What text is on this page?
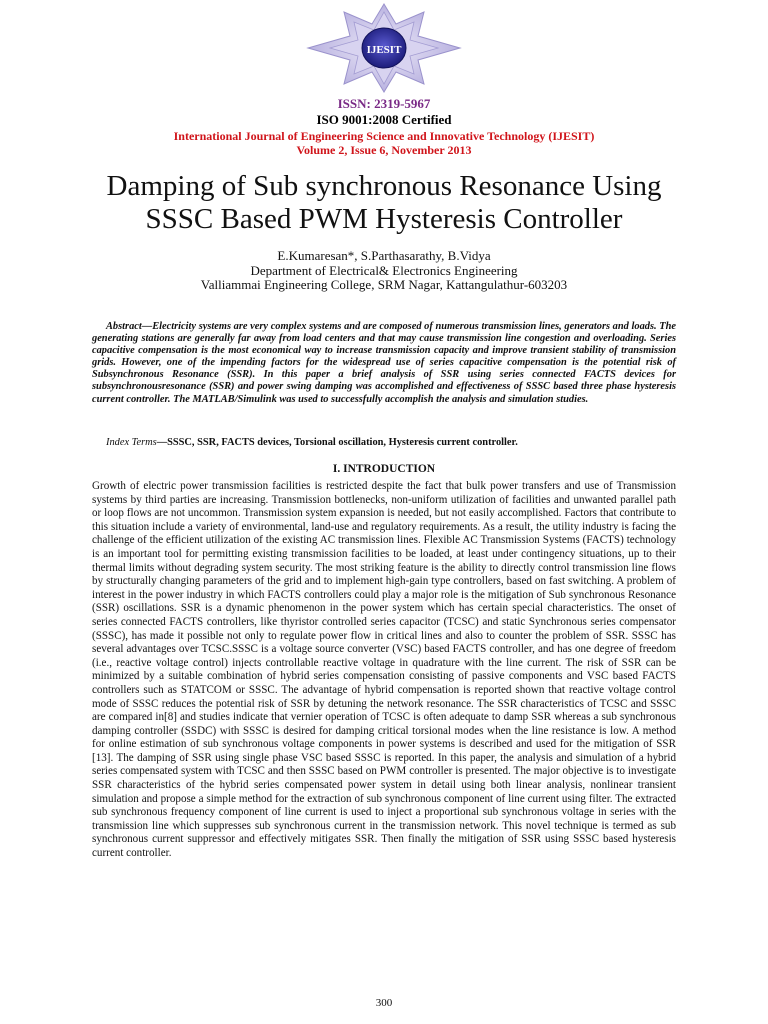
IJESIT
ISSN: 2319-5967
ISO 9001:2008 Certified
International Journal of Engineering Science and Innovative Technology (IJESIT)
Volume 2, Issue 6, November 2013
Damping of Sub synchronous Resonance Using
SSSC Based PWM Hysteresis Controller
E.Kumaresan*, S.Parthasarathy, B.Vidya
Department of Electrical& Electronics Engineering
Valliammai Engineering College, SRM Nagar, Kattangulathur-603203
Abstract—Electricity systems are very complex systems and are composed of numerous transmission lines, generators and loads. The generating stations are generally far away from load centers and that may cause transmission line congestion and overloading. Series capacitive compensation is the most economical way to increase transmission capacity and improve transient stability of transmission grids. However, one of the impending factors for the widespread use of series capacitive compensation is the potential risk of Subsynchronous Resonance (SSR). In this paper a brief analysis of SSR using series connected FACTS devices for subsynchronousresonance (SSR) and power swing damping was accomplished and effectiveness of SSSC based three phase hysteresis current controller. The MATLAB/Simulink was used to successfully accomplish the analysis and simulation studies.
Index Terms—SSSC, SSR, FACTS devices, Torsional oscillation, Hysteresis current controller.
I. INTRODUCTION
Growth of electric power transmission facilities is restricted despite the fact that bulk power transfers and use of Transmission systems by third parties are increasing. Transmission bottlenecks, non-uniform utilization of facilities and unwanted parallel path or loop flows are not uncommon. Transmission system expansion is needed, but not easily accomplished. Factors that contribute to this situation include a variety of environmental, land-use and regulatory requirements. As a result, the utility industry is facing the challenge of the efficient utilization of the existing AC transmission lines. Flexible AC Transmission Systems (FACTS) technology is an important tool for permitting existing transmission facilities to be loaded, at least under contingency situations, up to their thermal limits without degrading system security. The most striking feature is the ability to directly control transmission line flows by structurally changing parameters of the grid and to implement high-gain type controllers, based on fast switching. A problem of interest in the power industry in which FACTS controllers could play a major role is the mitigation of Sub synchronous Resonance (SSR) oscillations. SSR is a dynamic phenomenon in the power system which has certain special characteristics. The onset of series connected FACTS controllers, like thyristor controlled series capacitor (TCSC) and static Synchronous series compensator (SSSC), has made it possible not only to regulate power flow in critical lines and also to counter the problem of SSR. SSSC has several advantages over TCSC.SSSC is a voltage source converter (VSC) based FACTS controller, and has one degree of freedom (i.e., reactive voltage control) injects controllable reactive voltage in quadrature with the line current. The risk of SSR can be minimized by a suitable combination of hybrid series compensation consisting of passive components and VSC based FACTS controllers such as STATCOM or SSSC. The advantage of hybrid compensation is reported shown that reactive voltage control mode of SSSC reduces the potential risk of SSR by detuning the network resonance. The SSR characteristics of TCSC and SSSC are compared in[8] and studies indicate that vernier operation of TCSC is often adequate to damp SSR whereas a sub synchronous damping controller (SSDC) with SSSC is desired for damping critical torsional modes when the line resistance is low. A method for online estimation of sub synchronous voltage components in power systems is described and used for the mitigation of SSR [13]. The damping of SSR using single phase VSC based SSSC is reported. In this paper, the analysis and simulation of a hybrid series compensated system with TCSC and then SSSC based on PWM controller is presented. The major objective is to investigate SSR characteristics of the hybrid series compensated power system in detail using both linear analysis, nonlinear transient simulation and propose a simple method for the extraction of sub synchronous component of line current using filter. The extracted sub synchronous frequency component of line current is used to inject a proportional sub synchronous voltage in series with the transmission line which suppresses sub synchronous current in the transmission network. This novel technique is termed as sub synchronous current suppressor and effectively mitigates SSR. Then finally the mitigation of SSR using SSSC based hysteresis current controller.
300
